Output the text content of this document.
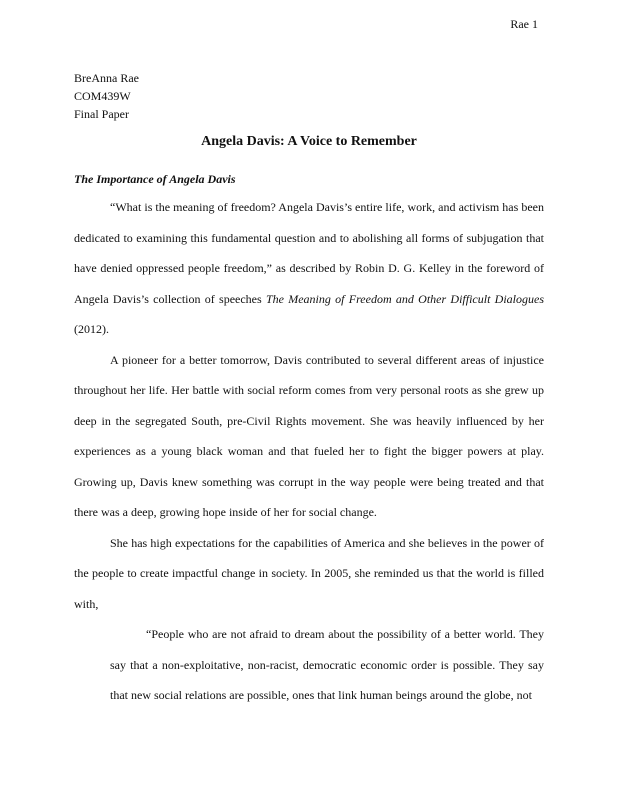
Rae 1
BreAnna Rae
COM439W
Final Paper
Angela Davis: A Voice to Remember
The Importance of Angela Davis

“What is the meaning of freedom? Angela Davis’s entire life, work, and activism has been dedicated to examining this fundamental question and to abolishing all forms of subjugation that have denied oppressed people freedom,” as described by Robin D. G. Kelley in the foreword of Angela Davis’s collection of speeches The Meaning of Freedom and Other Difficult Dialogues (2012).

A pioneer for a better tomorrow, Davis contributed to several different areas of injustice throughout her life. Her battle with social reform comes from very personal roots as she grew up deep in the segregated South, pre-Civil Rights movement. She was heavily influenced by her experiences as a young black woman and that fueled her to fight the bigger powers at play. Growing up, Davis knew something was corrupt in the way people were being treated and that there was a deep, growing hope inside of her for social change.

She has high expectations for the capabilities of America and she believes in the power of the people to create impactful change in society. In 2005, she reminded us that the world is filled with,

“People who are not afraid to dream about the possibility of a better world. They say that a non-exploitative, non-racist, democratic economic order is possible. They say that new social relations are possible, ones that link human beings around the globe, not
